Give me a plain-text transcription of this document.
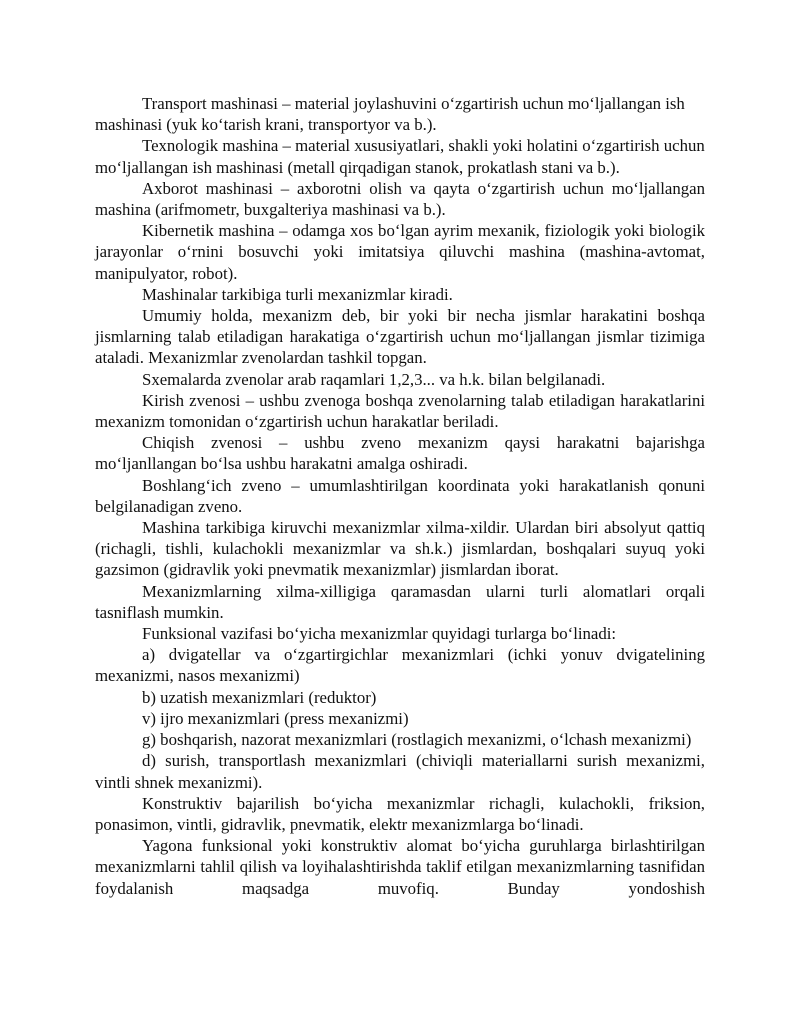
Transport mashinasi – material joylashuvini o‘zgartirish uchun mo‘ljallangan ish mashinasi (yuk ko‘tarish krani, transportyor va b.).

Texnologik mashina – material xususiyatlari, shakli yoki holatini o‘zgartirish uchun mo‘ljallangan ish mashinasi (metall qirqadigan stanok, prokatlash stani va b.).

Axborot mashinasi – axborotni olish va qayta o‘zgartirish uchun mo‘ljallangan mashina (arifmometr, buxgalteriya mashinasi va b.).

Kibernetik mashina – odamga xos bo‘lgan ayrim mexanik, fiziologik yoki biologik jarayonlar o‘rnini bosuvchi yoki imitatsiya qiluvchi mashina (mashina-avtomat, manipulyator, robot).

Mashinalar tarkibiga turli mexanizmlar kiradi.

Umumiy holda, mexanizm deb, bir yoki bir necha jismlar harakatini boshqa jismlarning talab etiladigan harakatiga o‘zgartirish uchun mo‘ljallangan jismlar tizimiga ataladi. Mexanizmlar zvenolardan tashkil topgan.

Sxemalarda zvenolar arab raqamlari 1,2,3... va h.k. bilan belgilanadi.

Kirish zvenosi – ushbu zvenoga boshqa zvenolarning talab etiladigan harakatlarini mexanizm tomonidan o‘zgartirish uchun harakatlar beriladi.

Chiqish zvenosi – ushbu zveno mexanizm qaysi harakatni bajarishga mo‘ljanllangan bo‘lsa ushbu harakatni amalga oshiradi.

Boshlang‘ich zveno – umumlashtirilgan koordinata yoki harakatlanish qonuni belgilanadigan zveno.

Mashina tarkibiga kiruvchi mexanizmlar xilma-xildir. Ulardan biri absolyut qattiq (richagli, tishli, kulachokli mexanizmlar va sh.k.) jismlardan, boshqalari suyuq yoki gazsimon (gidravlik yoki pnevmatik mexanizmlar) jismlardan iborat.

Mexanizmlarning xilma-xilligiga qaramasdan ularni turli alomatlari orqali tasniflash mumkin.

Funksional vazifasi bo‘yicha mexanizmlar quyidagi turlarga bo‘linadi:

a) dvigatellar va o‘zgartirgichlar mexanizmlari (ichki yonuv dvigatelining mexanizmi, nasos mexanizmi)

b) uzatish mexanizmlari (reduktor)

v) ijro mexanizmlari (press mexanizmi)

g) boshqarish, nazorat mexanizmlari (rostlagich mexanizmi, o‘lchash mexanizmi)

d) surish, transportlash mexanizmlari (chiviqli materiallarni surish mexanizmi, vintli shnek mexanizmi).

Konstruktiv bajarilish bo‘yicha mexanizmlar richagli, kulachokli, friksion, ponasimon, vintli, gidravlik, pnevmatik, elektr mexanizmlarga bo‘linadi.

Yagona funksional yoki konstruktiv alomat bo‘yicha guruhlarga birlashtirilgan mexanizmlarni tahlil qilish va loyihalashtirishda taklif etilgan mexanizmlarning tasnifidan foydalanish maqsadga muvofiq. Bunday yondoshish
